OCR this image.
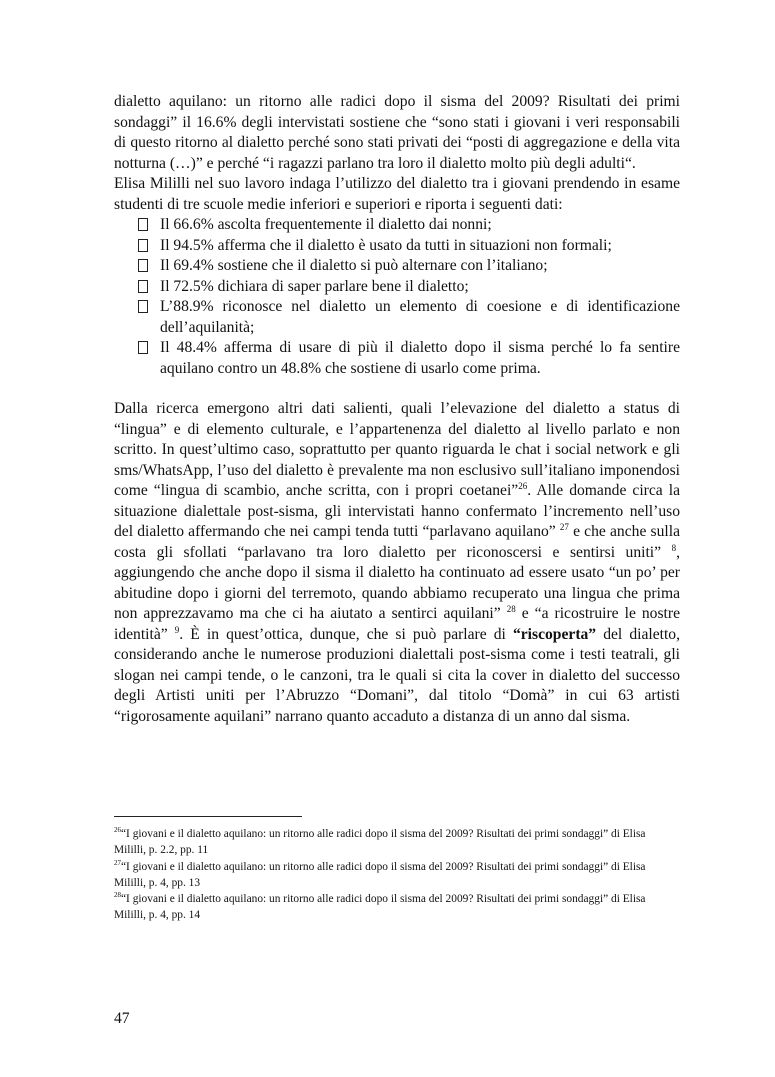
dialetto aquilano: un ritorno alle radici dopo il sisma del 2009? Risultati dei primi sondaggi” il 16.6% degli intervistati sostiene che “sono stati i giovani i veri responsabili di questo ritorno al dialetto perché sono stati privati dei “posti di aggregazione e della vita notturna (…)” e perché “i ragazzi parlano tra loro il dialetto molto più degli adulti“.

Elisa Mililli nel suo lavoro indaga l’utilizzo del dialetto tra i giovani prendendo in esame studenti di tre scuole medie inferiori e superiori e riporta i seguenti dati:

Il 66.6% ascolta frequentemente il dialetto dai nonni;
Il 94.5% afferma che il dialetto è usato da tutti in situazioni non formali;
Il 69.4% sostiene che il dialetto si può alternare con l’italiano;
Il 72.5% dichiara di saper parlare bene il dialetto;
L’88.9% riconosce nel dialetto un elemento di coesione e di identificazione dell’aquilanità;
Il 48.4% afferma di usare di più il dialetto dopo il sisma perché lo fa sentire aquilano contro un 48.8% che sostiene di usarlo come prima.

Dalla ricerca emergono altri dati salienti, quali l’elevazione del dialetto a status di “lingua” e di elemento culturale, e l’appartenenza del dialetto al livello parlato e non scritto. In quest’ultimo caso, soprattutto per quanto riguarda le chat i social network e gli sms/WhatsApp, l’uso del dialetto è prevalente ma non esclusivo sull’italiano imponendosi come “lingua di scambio, anche scritta, con i propri coetanei”$^{26}$. Alle domande circa la situazione dialettale post-sisma, gli intervistati hanno confermato l’incremento nell’uso del dialetto affermando che nei campi tenda tutti “parlavano aquilano” $^{27}$ e che anche sulla costa gli sfollati “parlavano tra loro dialetto per riconoscersi e sentirsi uniti” $^8$, aggiungendo che anche dopo il sisma il dialetto ha continuato ad essere usato “un po’ per abitudine dopo i giorni del terremoto, quando abbiamo recuperato una lingua che prima non apprezzavamo ma che ci ha aiutato a sentirci aquilani” $^{28}$ e “a ricostruire le nostre identità” $^9$. È in quest’ottica, dunque, che si può parlare di “riscoperta” del dialetto, considerando anche le numerose produzioni dialettali post-sisma come i testi teatrali, gli slogan nei campi tende, o le canzoni, tra le quali si cita la cover in dialetto del successo degli Artisti uniti per l’Abruzzo “Domani”, dal titolo “Domà” in cui 63 artisti “rigorosamente aquilani” narrano quanto accaduto a distanza di un anno dal sisma.

$^{26}$“I giovani e il dialetto aquilano: un ritorno alle radici dopo il sisma del 2009? Risultati dei primi sondaggi” di Elisa Mililli, p. 2.2, pp. 11

$^{27}$“I giovani e il dialetto aquilano: un ritorno alle radici dopo il sisma del 2009? Risultati dei primi sondaggi” di Elisa Mililli, p. 4, pp. 13

$^{28}$“I giovani e il dialetto aquilano: un ritorno alle radici dopo il sisma del 2009? Risultati dei primi sondaggi” di Elisa Mililli, p. 4, pp. 14

47
